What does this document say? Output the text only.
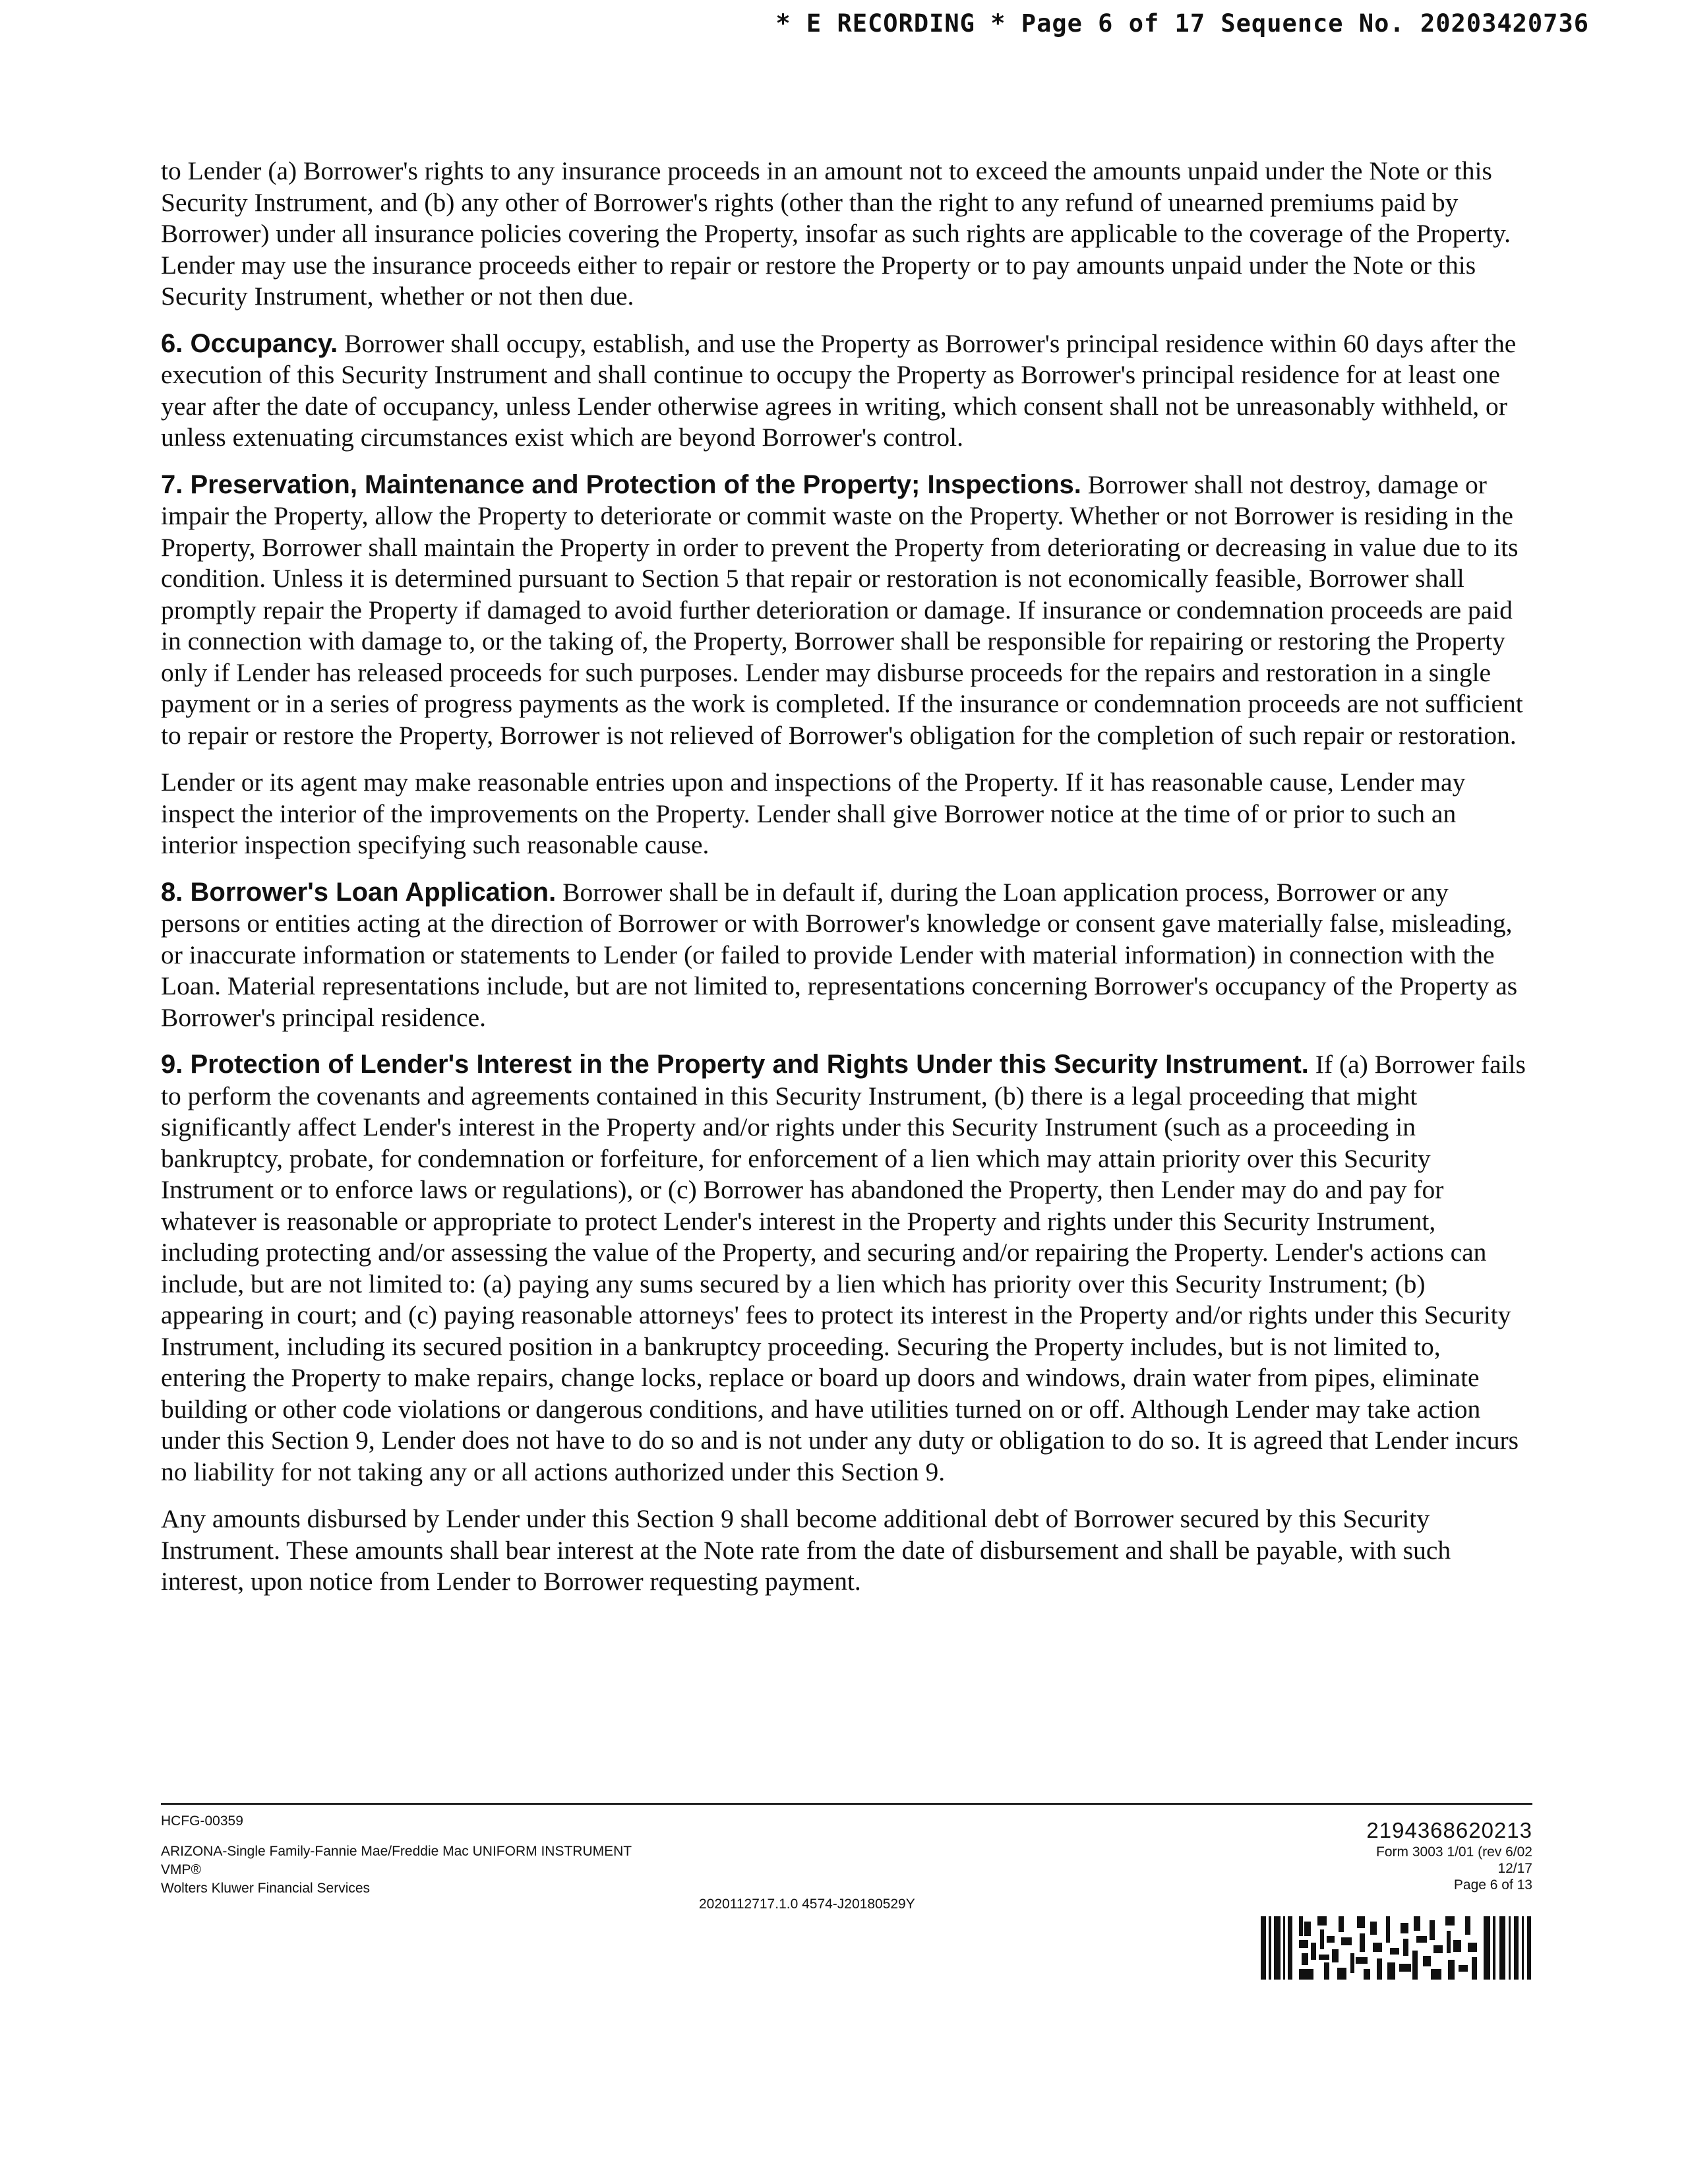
* E RECORDING * Page 6 of 17 Sequence No. 20203420736

to Lender (a) Borrower's rights to any insurance proceeds in an amount not to exceed the amounts unpaid under the Note or this Security Instrument, and (b) any other of Borrower's rights (other than the right to any refund of unearned premiums paid by Borrower) under all insurance policies covering the Property, insofar as such rights are applicable to the coverage of the Property. Lender may use the insurance proceeds either to repair or restore the Property or to pay amounts unpaid under the Note or this Security Instrument, whether or not then due.

6. Occupancy. Borrower shall occupy, establish, and use the Property as Borrower's principal residence within 60 days after the execution of this Security Instrument and shall continue to occupy the Property as Borrower's principal residence for at least one year after the date of occupancy, unless Lender otherwise agrees in writing, which consent shall not be unreasonably withheld, or unless extenuating circumstances exist which are beyond Borrower's control.

7. Preservation, Maintenance and Protection of the Property; Inspections. Borrower shall not destroy, damage or impair the Property, allow the Property to deteriorate or commit waste on the Property. Whether or not Borrower is residing in the Property, Borrower shall maintain the Property in order to prevent the Property from deteriorating or decreasing in value due to its condition. Unless it is determined pursuant to Section 5 that repair or restoration is not economically feasible, Borrower shall promptly repair the Property if damaged to avoid further deterioration or damage. If insurance or condemnation proceeds are paid in connection with damage to, or the taking of, the Property, Borrower shall be responsible for repairing or restoring the Property only if Lender has released proceeds for such purposes. Lender may disburse proceeds for the repairs and restoration in a single payment or in a series of progress payments as the work is completed. If the insurance or condemnation proceeds are not sufficient to repair or restore the Property, Borrower is not relieved of Borrower's obligation for the completion of such repair or restoration.

Lender or its agent may make reasonable entries upon and inspections of the Property. If it has reasonable cause, Lender may inspect the interior of the improvements on the Property. Lender shall give Borrower notice at the time of or prior to such an interior inspection specifying such reasonable cause.

8. Borrower's Loan Application. Borrower shall be in default if, during the Loan application process, Borrower or any persons or entities acting at the direction of Borrower or with Borrower's knowledge or consent gave materially false, misleading, or inaccurate information or statements to Lender (or failed to provide Lender with material information) in connection with the Loan. Material representations include, but are not limited to, representations concerning Borrower's occupancy of the Property as Borrower's principal residence.

9. Protection of Lender's Interest in the Property and Rights Under this Security Instrument. If (a) Borrower fails to perform the covenants and agreements contained in this Security Instrument, (b) there is a legal proceeding that might significantly affect Lender's interest in the Property and/or rights under this Security Instrument (such as a proceeding in bankruptcy, probate, for condemnation or forfeiture, for enforcement of a lien which may attain priority over this Security Instrument or to enforce laws or regulations), or (c) Borrower has abandoned the Property, then Lender may do and pay for whatever is reasonable or appropriate to protect Lender's interest in the Property and rights under this Security Instrument, including protecting and/or assessing the value of the Property, and securing and/or repairing the Property. Lender's actions can include, but are not limited to: (a) paying any sums secured by a lien which has priority over this Security Instrument; (b) appearing in court; and (c) paying reasonable attorneys' fees to protect its interest in the Property and/or rights under this Security Instrument, including its secured position in a bankruptcy proceeding. Securing the Property includes, but is not limited to, entering the Property to make repairs, change locks, replace or board up doors and windows, drain water from pipes, eliminate building or other code violations or dangerous conditions, and have utilities turned on or off. Although Lender may take action under this Section 9, Lender does not have to do so and is not under any duty or obligation to do so. It is agreed that Lender incurs no liability for not taking any or all actions authorized under this Section 9.

Any amounts disbursed by Lender under this Section 9 shall become additional debt of Borrower secured by this Security Instrument. These amounts shall bear interest at the Note rate from the date of disbursement and shall be payable, with such interest, upon notice from Lender to Borrower requesting payment.

HCFG-00359
ARIZONA-Single Family-Fannie Mae/Freddie Mac UNIFORM INSTRUMENT
VMP®
Wolters Kluwer Financial Services
2020112717.1.0 4574-J20180529Y
2194368620213
Form 3003 1/01 (rev 6/02
12/17
Page 6 of 13
